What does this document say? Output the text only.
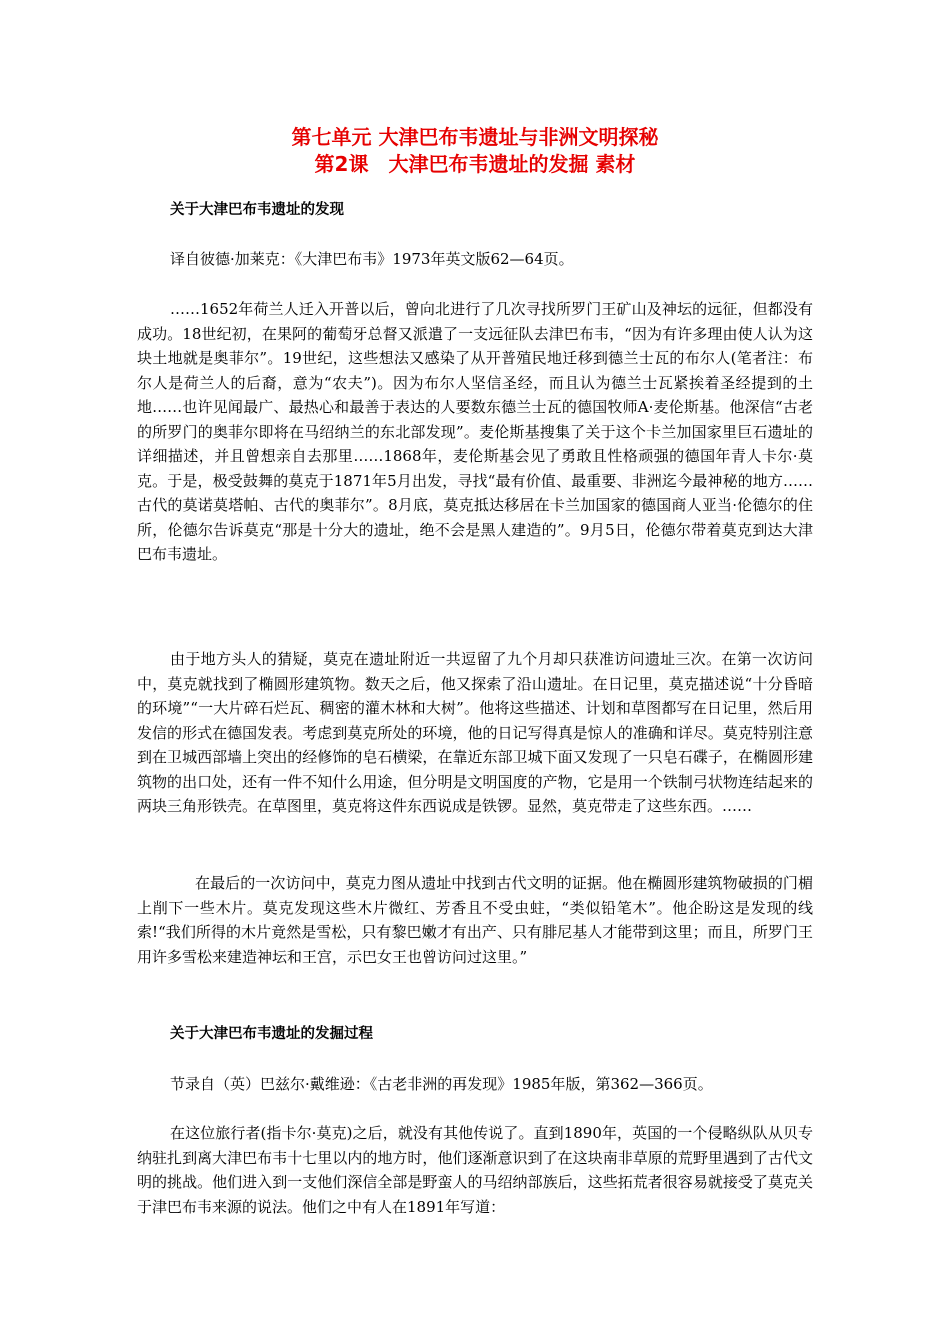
第七单元 大津巴布韦遗址与非洲文明探秘
第2课　大津巴布韦遗址的发掘 素材
关于大津巴布韦遗址的发现

译自彼德·加莱克：《大津巴布韦》1973年英文版62—64页。

……1652年荷兰人迁入开普以后，曾向北进行了几次寻找所罗门王矿山及神坛的远征，但都没有成功。18世纪初，在果阿的葡萄牙总督又派遣了一支远征队去津巴布韦，“因为有许多理由使人认为这块土地就是奥菲尔”。19世纪，这些想法又感染了从开普殖民地迁移到德兰士瓦的布尔人(笔者注：布尔人是荷兰人的后裔，意为“农夫”)。因为布尔人坚信圣经，而且认为德兰士瓦紧挨着圣经提到的土地……也许见闻最广、最热心和最善于表达的人要数东德兰士瓦的德国牧师A·麦伦斯基。他深信“古老的所罗门的奥菲尔即将在马绍纳兰的东北部发现”。麦伦斯基搜集了关于这个卡兰加国家里巨石遗址的详细描述，并且曾想亲自去那里……1868年，麦伦斯基会见了勇敢且性格顽强的德国年青人卡尔·莫克。于是，极受鼓舞的莫克于1871年5月出发，寻找“最有价值、最重要、非洲迄今最神秘的地方……古代的莫诺莫塔帕、古代的奥菲尔”。8月底，莫克抵达移居在卡兰加国家的德国商人亚当·伦德尔的住所，伦德尔告诉莫克“那是十分大的遗址，绝不会是黑人建造的”。9月5日，伦德尔带着莫克到达大津巴布韦遗址。

由于地方头人的猜疑，莫克在遗址附近一共逗留了九个月却只获准访问遗址三次。在第一次访问中，莫克就找到了椭圆形建筑物。数天之后，他又探索了沿山遗址。在日记里，莫克描述说“十分昏暗的环境”“一大片碎石烂瓦、稠密的灌木林和大树”。他将这些描述、计划和草图都写在日记里，然后用发信的形式在德国发表。考虑到莫克所处的环境，他的日记写得真是惊人的准确和详尽。莫克特别注意到在卫城西部墙上突出的经修饰的皂石横梁，在靠近东部卫城下面又发现了一只皂石碟子，在椭圆形建筑物的出口处，还有一件不知什么用途，但分明是文明国度的产物，它是用一个铁制弓状物连结起来的两块三角形铁壳。在草图里，莫克将这件东西说成是铁锣。显然，莫克带走了这些东西。……

在最后的一次访问中，莫克力图从遗址中找到古代文明的证据。他在椭圆形建筑物破损的门楣上削下一些木片。莫克发现这些木片微红、芳香且不受虫蛀，“类似铅笔木”。他企盼这是发现的线索!“我们所得的木片竟然是雪松，只有黎巴嫩才有出产、只有腓尼基人才能带到这里；而且，所罗门王用许多雪松来建造神坛和王宫，示巴女王也曾访问过这里。”

关于大津巴布韦遗址的发掘过程

节录自（英）巴兹尔·戴维逊：《古老非洲的再发现》1985年版，第362—366页。

在这位旅行者(指卡尔·莫克)之后，就没有其他传说了。直到1890年，英国的一个侵略纵队从贝专纳驻扎到离大津巴布韦十七里以内的地方时，他们逐渐意识到了在这块南非草原的荒野里遇到了古代文明的挑战。他们进入到一支他们深信全部是野蛮人的马绍纳部族后，这些拓荒者很容易就接受了莫克关于津巴布韦来源的说法。他们之中有人在1891年写道：
